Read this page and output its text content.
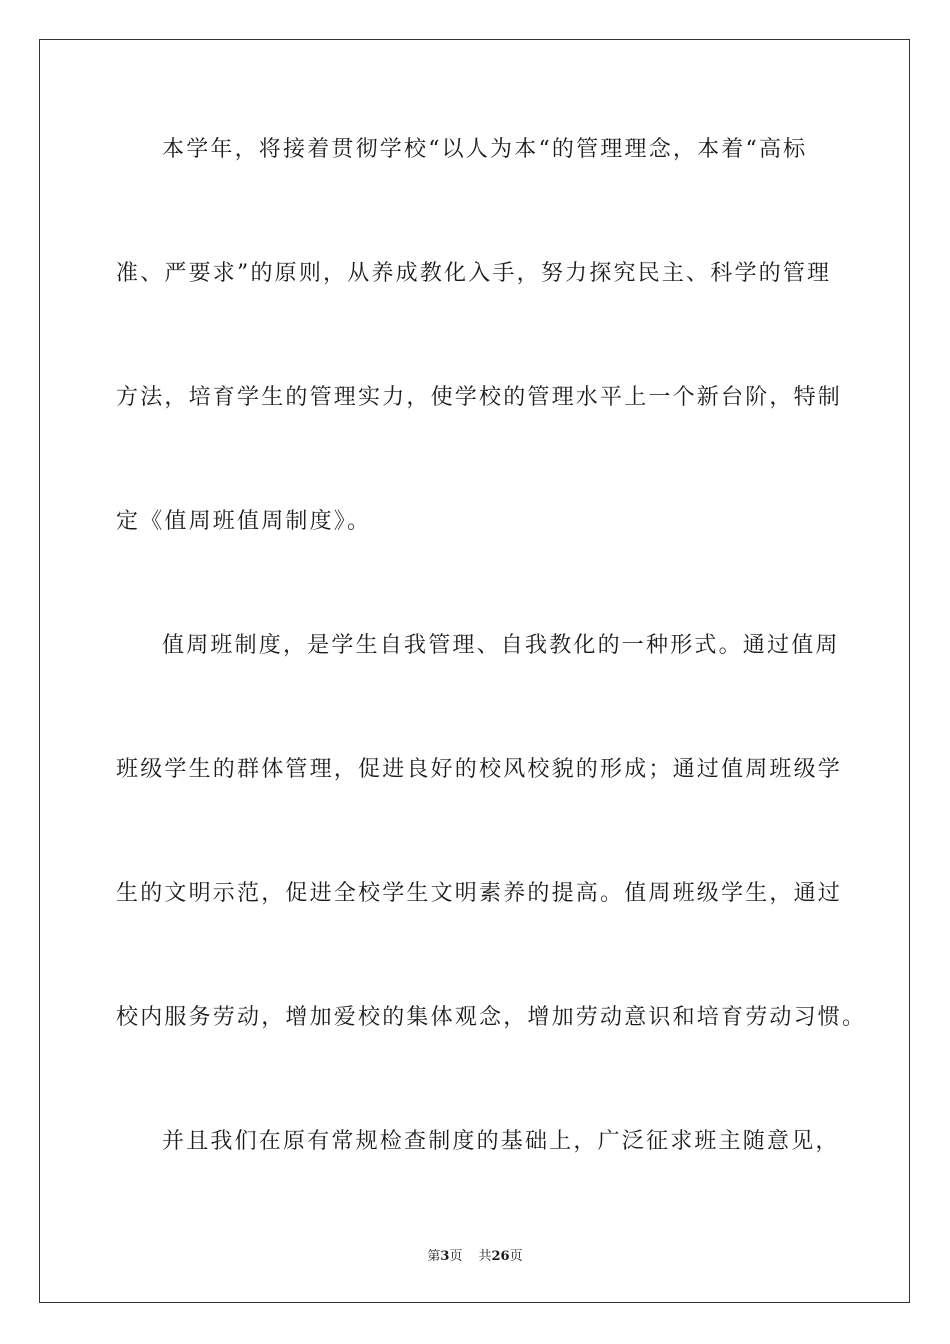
本学年，将接着贯彻学校“以人为本“的管理理念，本着“高标
准、严要求”的原则，从养成教化入手，努力探究民主、科学的管理
方法，培育学生的管理实力，使学校的管理水平上一个新台阶，特制
定《值周班值周制度》。
值周班制度，是学生自我管理、自我教化的一种形式。通过值周
班级学生的群体管理，促进良好的校风校貌的形成；通过值周班级学
生的文明示范，促进全校学生文明素养的提高。值周班级学生，通过
校内服务劳动，增加爱校的集体观念，增加劳动意识和培育劳动习惯。
并且我们在原有常规检查制度的基础上，广泛征求班主随意见，
第3页 共26页
